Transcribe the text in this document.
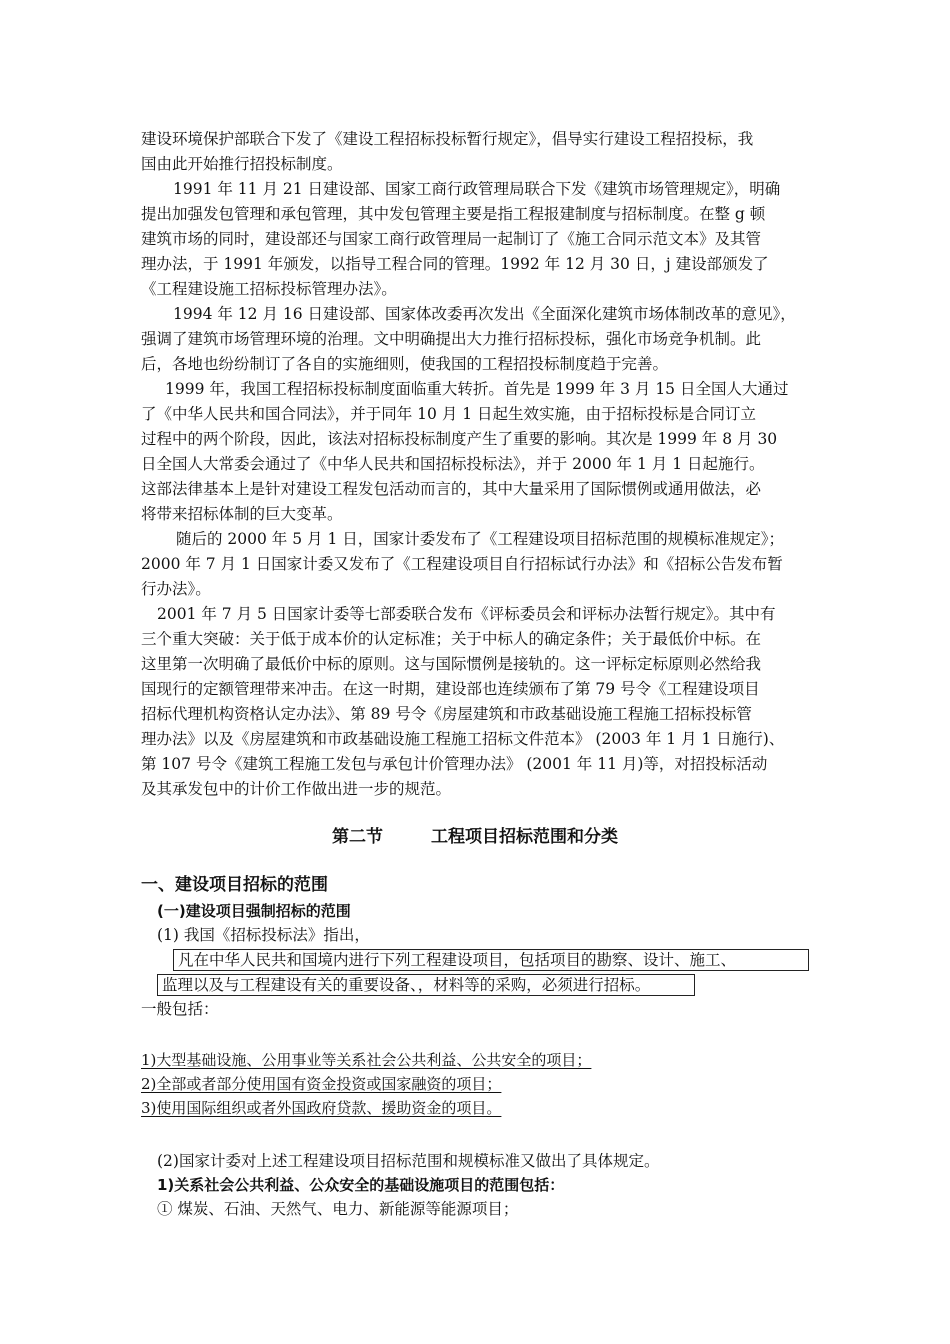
建设环境保护部联合下发了《建设工程招标投标暂行规定》，倡导实行建设工程招投标，我
国由此开始推行招投标制度。
1991 年 11 月 21 日建设部、国家工商行政管理局联合下发《建筑市场管理规定》，明确
提出加强发包管理和承包管理，其中发包管理主要是指工程报建制度与招标制度。在整 g 顿
建筑市场的同时，建设部还与国家工商行政管理局一起制订了《施工合同示范文本》及其管
理办法，于 1991 年颁发，以指导工程合同的管理。1992 年 12 月 30 日，j 建设部颁发了
《工程建设施工招标投标管理办法》。
1994 年 12 月 16 日建设部、国家体改委再次发出《全面深化建筑市场体制改革的意见》，
强调了建筑市场管理环境的治理。文中明确提出大力推行招标投标，强化市场竞争机制。此
后，各地也纷纷制订了各自的实施细则，使我国的工程招投标制度趋于完善。
1999 年，我国工程招标投标制度面临重大转折。首先是 1999 年 3 月 15 日全国人大通过
了《中华人民共和国合同法》，并于同年 10 月 1 日起生效实施，由于招标投标是合同订立
过程中的两个阶段，因此，该法对招标投标制度产生了重要的影响。其次是 1999 年 8 月 30
日全国人大常委会通过了《中华人民共和国招标投标法》，并于 2000 年 1 月 1 日起施行。
这部法律基本上是针对建设工程发包活动而言的，其中大量采用了国际惯例或通用做法，必
将带来招标体制的巨大变革。
随后的 2000 年 5 月 1 日，国家计委发布了《工程建设项目招标范围的规模标准规定》；
2000 年 7 月 1 日国家计委又发布了《工程建设项目自行招标试行办法》和《招标公告发布暂
行办法》。
2001 年 7 月 5 日国家计委等七部委联合发布《评标委员会和评标办法暂行规定》。其中有
三个重大突破：关于低于成本价的认定标准；关于中标人的确定条件；关于最低价中标。在
这里第一次明确了最低价中标的原则。这与国际惯例是接轨的。这一评标定标原则必然给我
国现行的定额管理带来冲击。在这一时期，建设部也连续颁布了第 79 号令《工程建设项目
招标代理机构资格认定办法》、第 89 号令《房屋建筑和市政基础设施工程施工招标投标管
理办法》以及《房屋建筑和市政基础设施工程施工招标文件范本》 (2003 年 1 月 1 日施行)、
第 107 号令《建筑工程施工发包与承包计价管理办法》 (2001 年 11 月)等，对招投标活动
及其承发包中的计价工作做出进一步的规范。
第二节	工程项目招标范围和分类
一、建设项目招标的范围
(一)建设项目强制招标的范围
(1) 我国《招标投标法》指出，
凡在中华人民共和国境内进行下列工程建设项目，包括项目的勘察、设计、施工、
监理以及与工程建设有关的重要设备、，材料等的采购，必须进行招标。
一般包括：
1)大型基础设施、公用事业等关系社会公共利益、公共安全的项目；
2)全部或者部分使用国有资金投资或国家融资的项目；
3)使用国际组织或者外国政府贷款、援助资金的项目。
(2)国家计委对上述工程建设项目招标范围和规模标准又做出了具体规定。
1)关系社会公共利益、公众安全的基础设施项目的范围包括：
① 煤炭、石油、天然气、电力、新能源等能源项目；
